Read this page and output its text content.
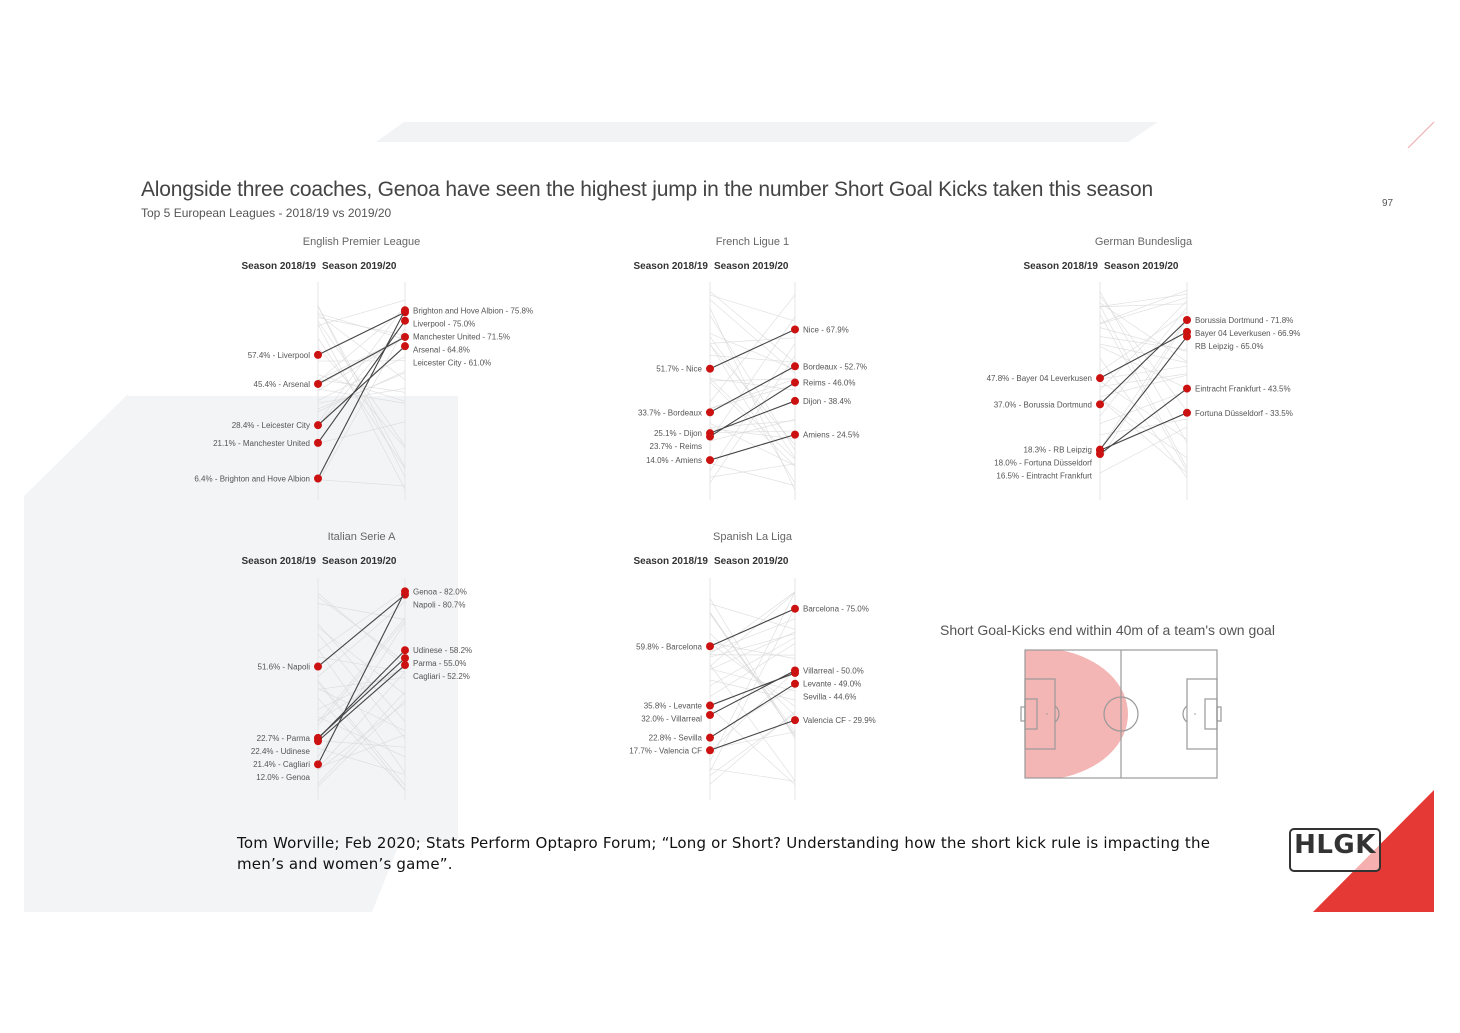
Alongside three coaches, Genoa have seen the highest jump in the number Short Goal Kicks taken this season
Top 5 European Leagues - 2018/19 vs 2019/20
97
English Premier League
Season 2018/19 Season 2019/20
57.4% - Liverpool
45.4% - Arsenal
28.4% - Leicester City
21.1% - Manchester United
6.4% - Brighton and Hove Albion
Brighton and Hove Albion - 75.8%
Liverpool - 75.0%
Manchester United - 71.5%
Arsenal - 64.8%
Leicester City - 61.0%
French Ligue 1
Season 2018/19 Season 2019/20
51.7% - Nice
33.7% - Bordeaux
25.1% - Dijon
23.7% - Reims
14.0% - Amiens
Nice - 67.9%
Bordeaux - 52.7%
Reims - 46.0%
Dijon - 38.4%
Amiens - 24.5%
German Bundesliga
Season 2018/19 Season 2019/20
47.8% - Bayer 04 Leverkusen
37.0% - Borussia Dortmund
18.3% - RB Leipzig
18.0% - Fortuna Düsseldorf
16.5% - Eintracht Frankfurt
Borussia Dortmund - 71.8%
Bayer 04 Leverkusen - 66.9%
RB Leipzig - 65.0%
Eintracht Frankfurt - 43.5%
Fortuna Düsseldorf - 33.5%
Italian Serie A
Season 2018/19 Season 2019/20
51.6% - Napoli
22.7% - Parma
22.4% - Udinese
21.4% - Cagliari
12.0% - Genoa
Genoa - 82.0%
Napoli - 80.7%
Udinese - 58.2%
Parma - 55.0%
Cagliari - 52.2%
Spanish La Liga
Season 2018/19 Season 2019/20
59.8% - Barcelona
35.8% - Levante
32.0% - Villarreal
22.8% - Sevilla
17.7% - Valencia CF
Barcelona - 75.0%
Villarreal - 50.0%
Levante - 49.0%
Sevilla - 44.6%
Valencia CF - 29.9%
Short Goal-Kicks end within 40m of a team's own goal
Tom Worville; Feb 2020; Stats Perform Optapro Forum; “Long or Short? Understanding how the short kick rule is impacting the men’s and women’s game”.
HLGK
